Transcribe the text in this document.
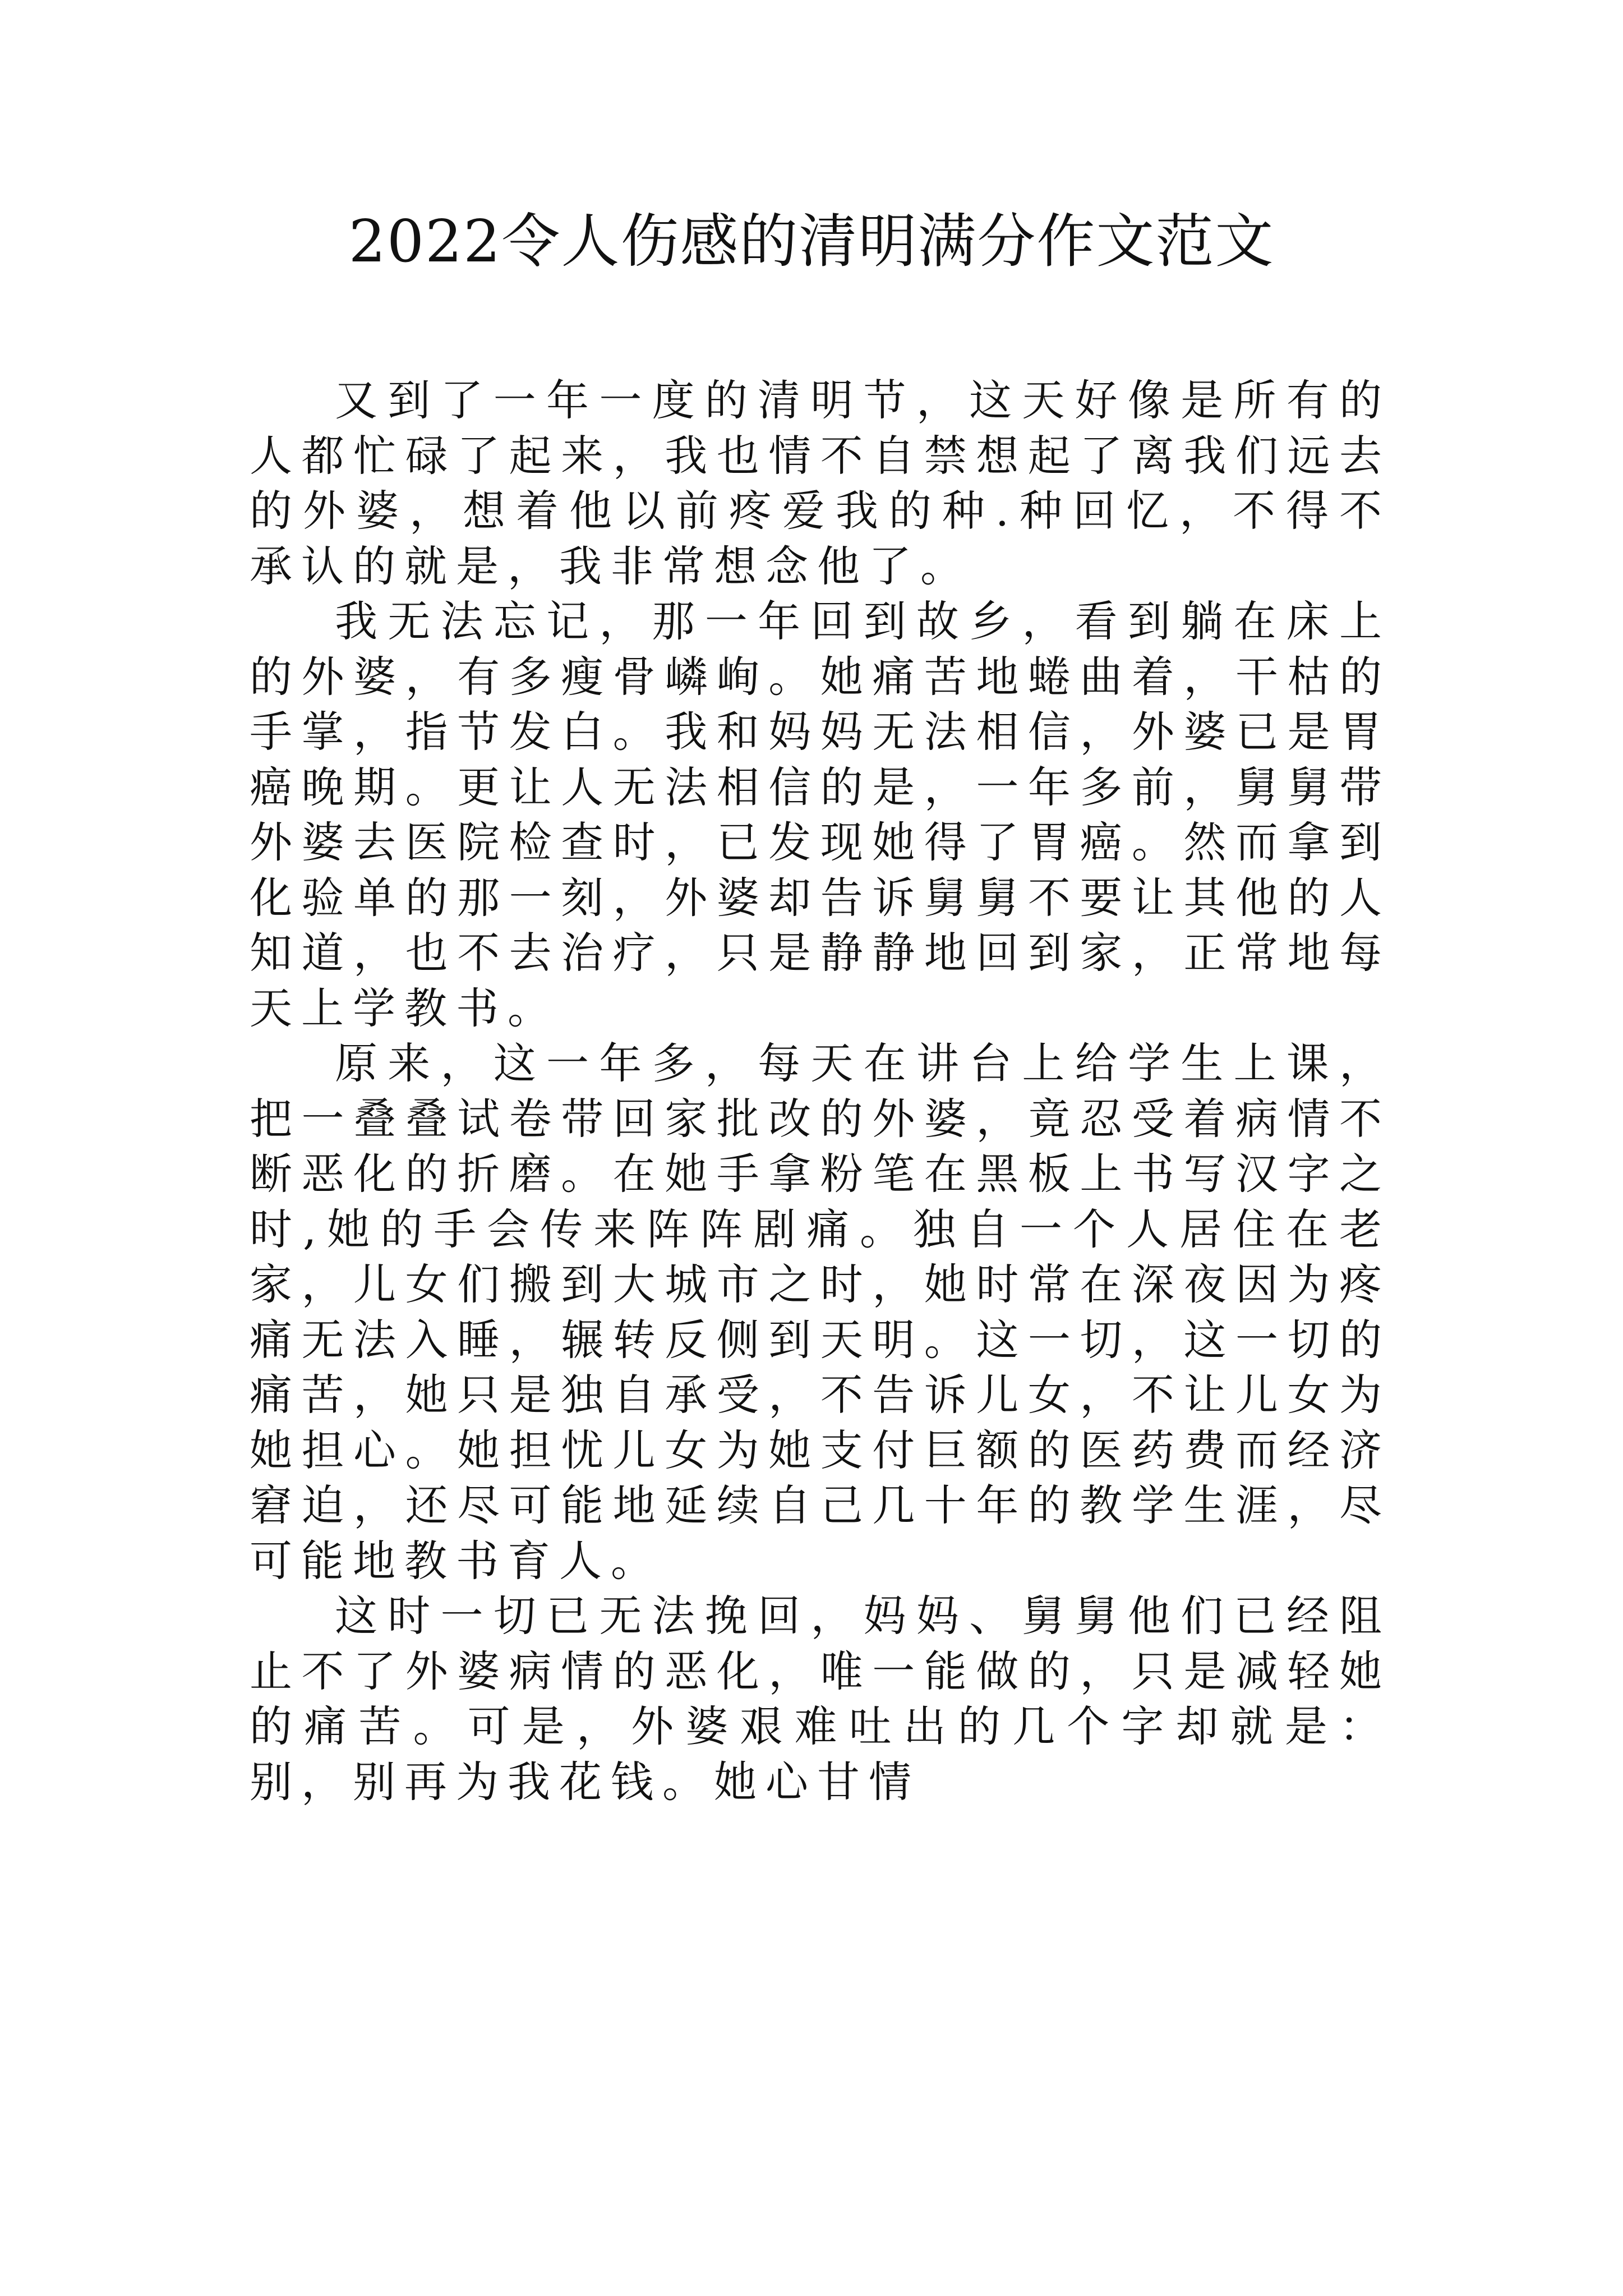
2022令人伤感的清明满分作文范文

又到了一年一度的清明节，这天好像是所有的人都忙碌了起来，我也情不自禁想起了离我们远去的外婆，想着他以前疼爱我的种.种回忆，不得不承认的就是，我非常想念他了。

我无法忘记，那一年回到故乡，看到躺在床上的外婆，有多瘦骨嶙峋。她痛苦地蜷曲着，干枯的手掌，指节发白。我和妈妈无法相信，外婆已是胃癌晚期。更让人无法相信的是，一年多前，舅舅带外婆去医院检查时，已发现她得了胃癌。然而拿到化验单的那一刻，外婆却告诉舅舅不要让其他的人知道，也不去治疗，只是静静地回到家，正常地每天上学教书。

原来，这一年多，每天在讲台上给学生上课，把一叠叠试卷带回家批改的外婆，竟忍受着病情不断恶化的折磨。在她手拿粉笔在黑板上书写汉字之时,她的手会传来阵阵剧痛。独自一个人居住在老家，儿女们搬到大城市之时，她时常在深夜因为疼痛无法入睡，辗转反侧到天明。这一切，这一切的痛苦，她只是独自承受，不告诉儿女，不让儿女为她担心。她担忧儿女为她支付巨额的医药费而经济窘迫，还尽可能地延续自己几十年的教学生涯，尽可能地教书育人。

这时一切已无法挽回，妈妈、舅舅他们已经阻止不了外婆病情的恶化，唯一能做的，只是减轻她的痛苦。可是，外婆艰难吐出的几个字却就是：别，别再为我花钱。她心甘情
